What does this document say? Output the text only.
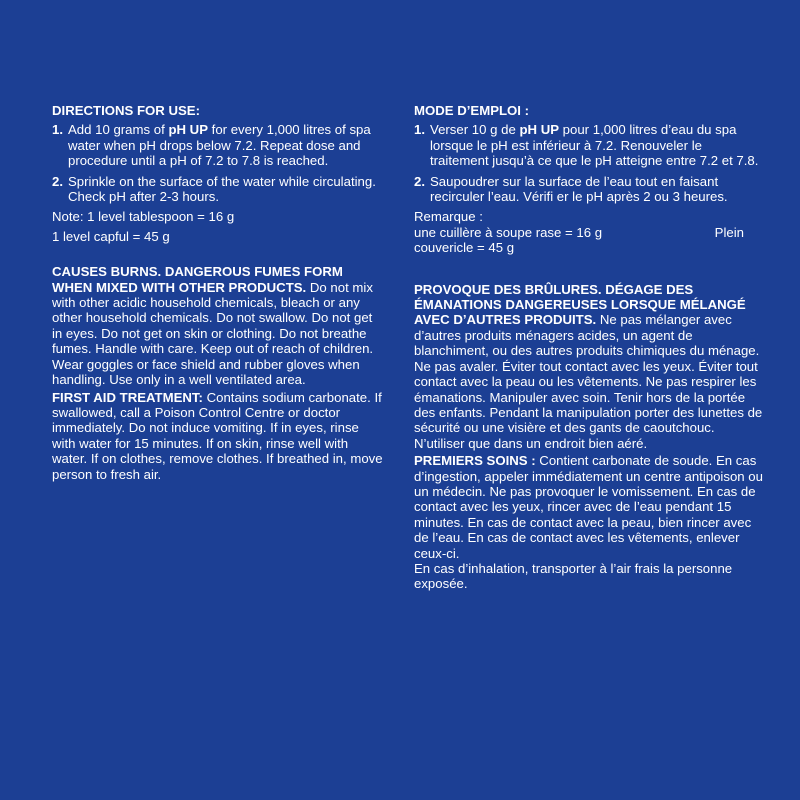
DIRECTIONS FOR USE:
1. Add 10 grams of pH UP for every 1,000 litres of spa water when pH drops below 7.2. Repeat dose and procedure until a pH of 7.2 to 7.8 is reached.
2. Sprinkle on the surface of the water while circulating. Check pH after 2-3 hours.

Note: 1 level tablespoon = 16 g

1 level capful = 45 g

CAUSES BURNS. DANGEROUS FUMES FORM WHEN MIXED WITH OTHER PRODUCTS. Do not mix with other acidic household chemicals, bleach or any other household chemicals. Do not swallow. Do not get in eyes. Do not get on skin or clothing. Do not breathe fumes. Handle with care. Keep out of reach of children. Wear goggles or face shield and rubber gloves when handling. Use only in a well ventilated area.

FIRST AID TREATMENT: Contains sodium carbonate. If swallowed, call a Poison Control Centre or doctor immediately. Do not induce vomiting. If in eyes, rinse with water for 15 minutes. If on skin, rinse well with water. If on clothes, remove clothes. If breathed in, move person to fresh air.

MODE D’EMPLOI :
1. Verser 10 g de pH UP pour 1,000 litres d’eau du spa lorsque le pH est inférieur à 7.2. Renouveler le traitement jusqu’à ce que le pH atteigne entre 7.2 et 7.8.
2. Saupoudrer sur la surface de l’eau tout en faisant recirculer l’eau. Vérifi er le pH après 2 ou 3 heures.

Remarque :

une cuillère à soupe rase = 16 g	Plein

couvericle = 45 g

PROVOQUE DES BRÛLURES. DÉGAGE DES ÉMANATIONS DANGEREUSES LORSQUE MÉLANGÉ AVEC D’AUTRES PRODUITS. Ne pas mélanger avec d’autres produits ménagers acides, un agent de blanchiment, ou des autres produits chimiques du ménage. Ne pas avaler. Éviter tout contact avec les yeux. Éviter tout contact avec la peau ou les vêtements. Ne pas respirer les émanations. Manipuler avec soin. Tenir hors de la portée des enfants. Pendant la manipulation porter des lunettes de sécurité ou une visière et des gants de caoutchouc. N’utiliser que dans un endroit bien aéré.

PREMIERS SOINS : Contient carbonate de soude. En cas d’ingestion, appeler immédiatement un centre antipoison ou un médecin. Ne pas provoquer le vomissement. En cas de contact avec les yeux, rincer avec de l’eau pendant 15 minutes. En cas de contact avec la peau, bien rincer avec de l’eau. En cas de contact avec les vêtements, enlever ceux-ci.

En cas d’inhalation, transporter à l’air frais la personne exposée.
